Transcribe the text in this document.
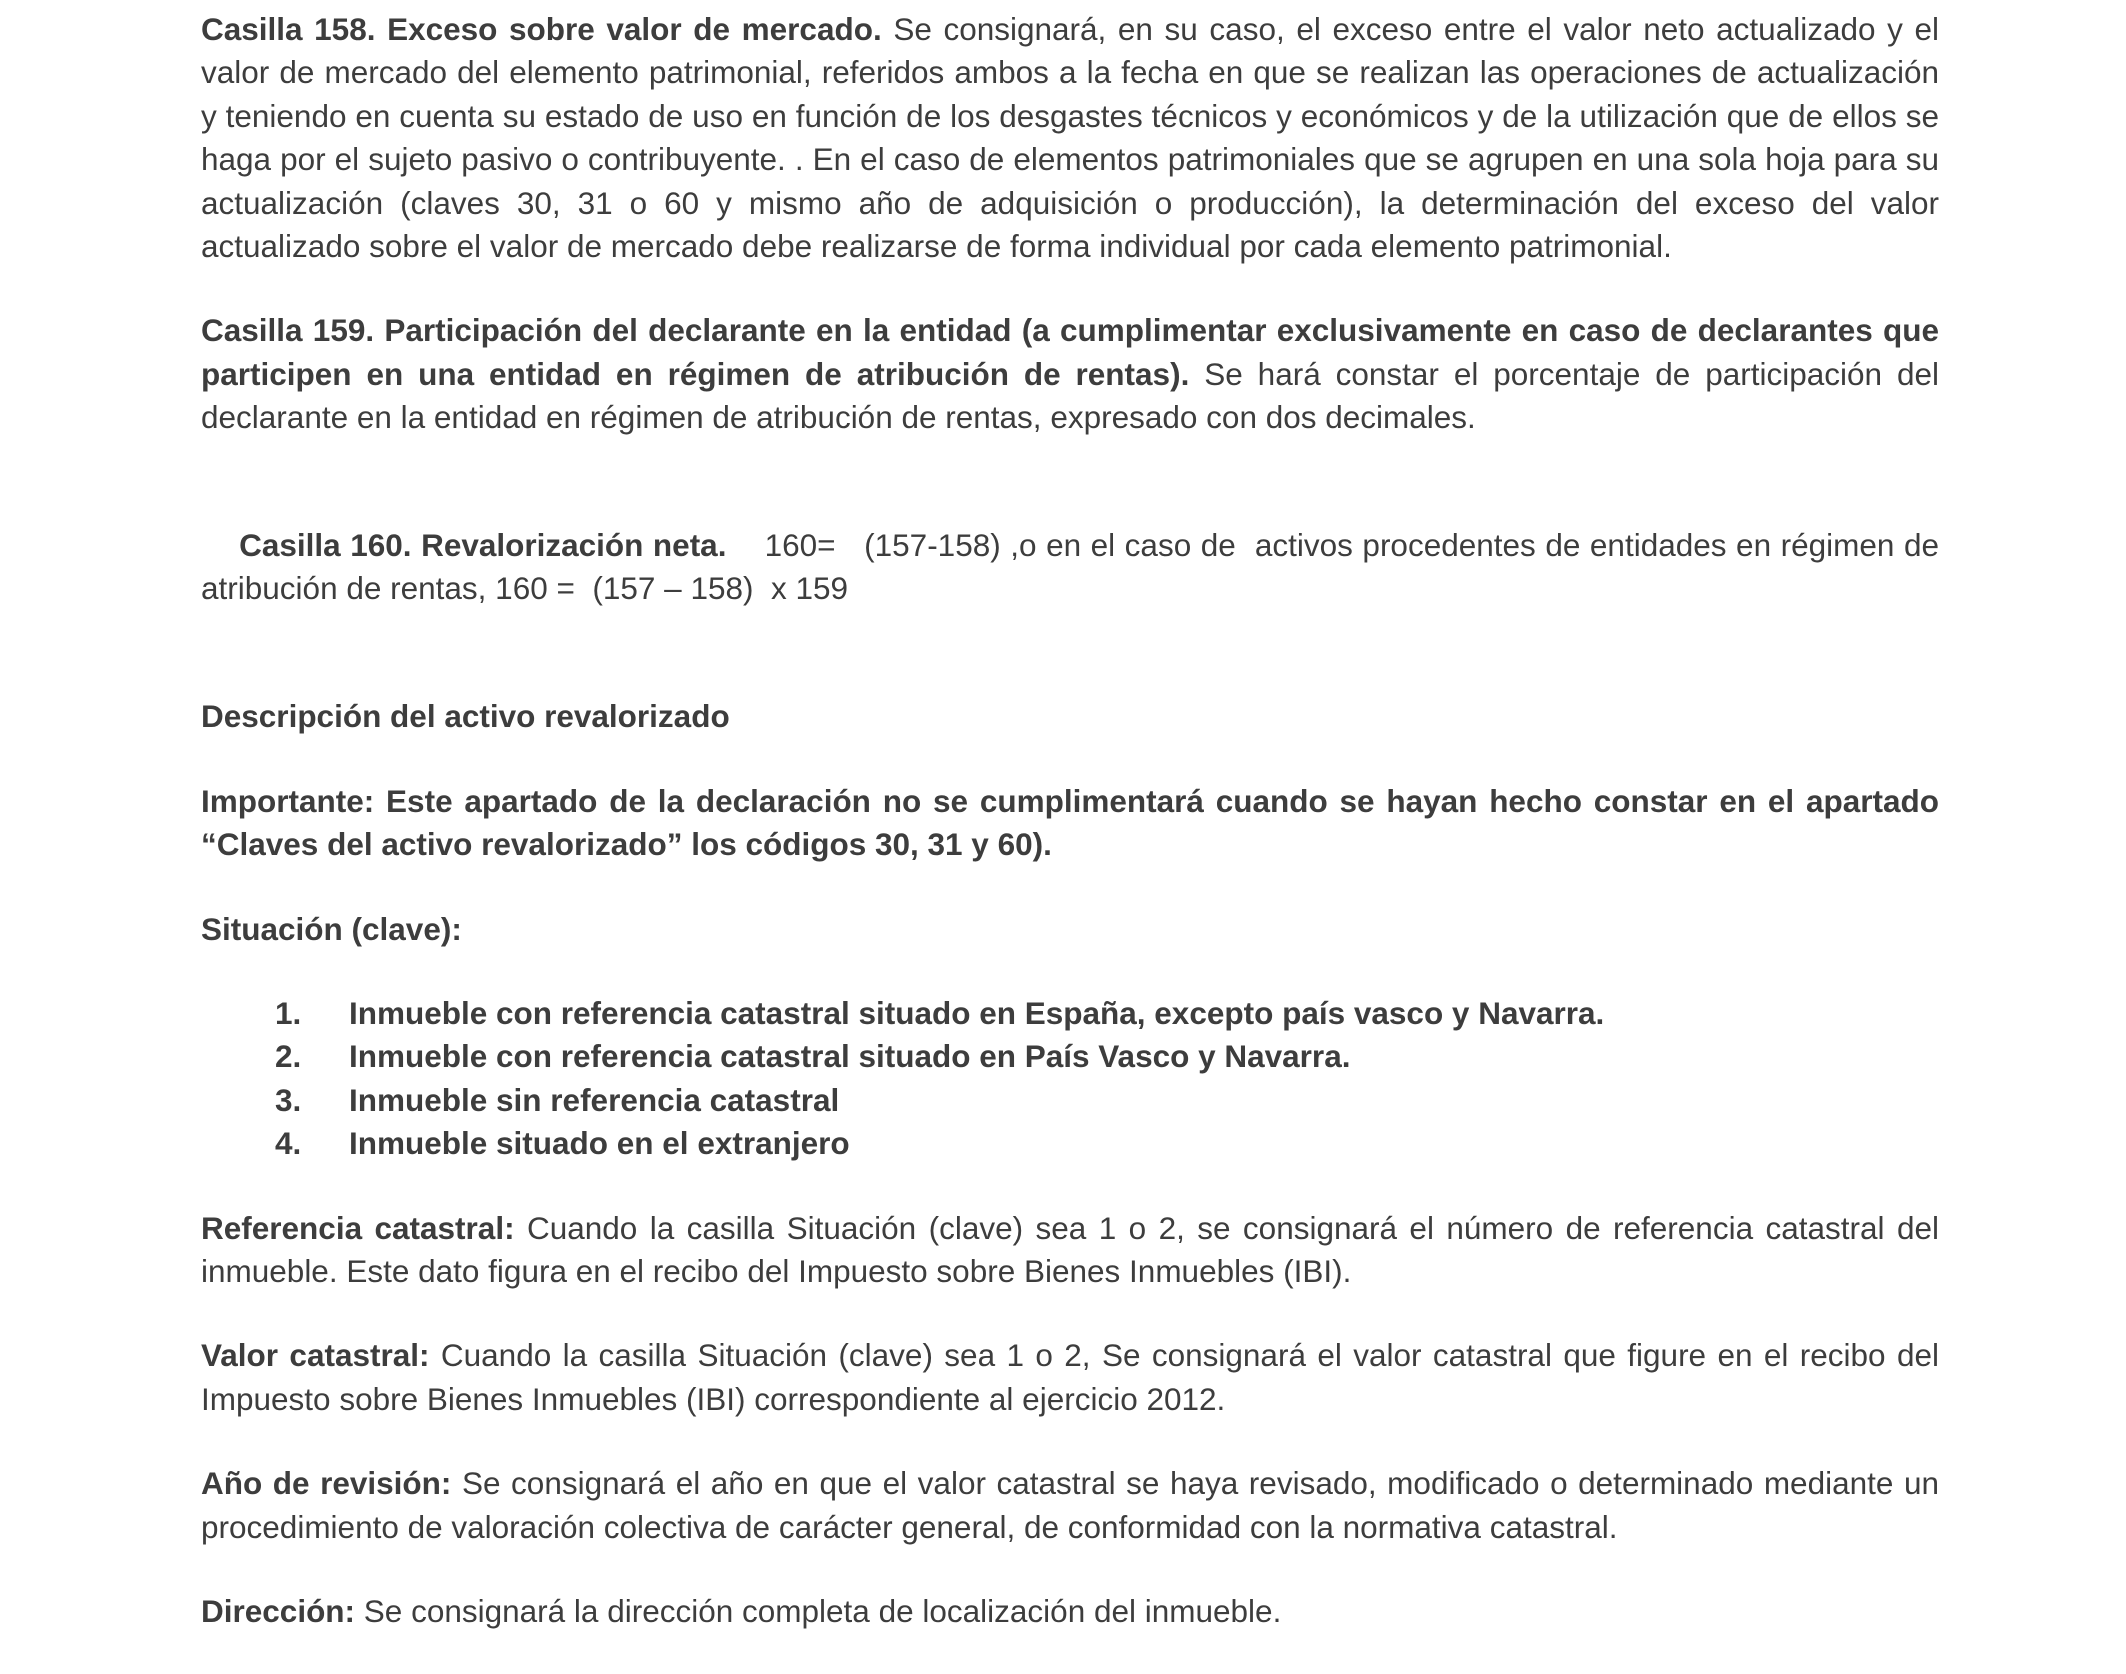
Casilla 158. Exceso sobre valor de mercado. Se consignará, en su caso, el exceso entre el valor neto actualizado y el valor de mercado del elemento patrimonial, referidos ambos a la fecha en que se realizan las operaciones de actualización y teniendo en cuenta su estado de uso en función de los desgastes técnicos y económicos y de la utilización que de ellos se haga por el sujeto pasivo o contribuyente. . En el caso de elementos patrimoniales que se agrupen en una sola hoja para su actualización (claves 30, 31 o 60 y mismo año de adquisición o producción), la determinación del exceso del valor actualizado sobre el valor de mercado debe realizarse de forma individual por cada elemento patrimonial.

Casilla 159. Participación del declarante en la entidad (a cumplimentar exclusivamente en caso de declarantes que participen en una entidad en régimen de atribución de rentas). Se hará constar el porcentaje de participación del declarante en la entidad en régimen de atribución de rentas, expresado con dos decimales.

Casilla 160. Revalorización neta.    160=   (157-158) ,o en el caso de  activos procedentes de entidades en régimen de atribución de rentas, 160 =  (157 – 158)  x 159

Descripción del activo revalorizado

Importante: Este apartado de la declaración no se cumplimentará cuando se hayan hecho constar en el apartado “Claves del activo revalorizado” los códigos 30, 31 y 60).

Situación (clave):

1. Inmueble con referencia catastral situado en España, excepto país vasco y Navarra.
2. Inmueble con referencia catastral situado en País Vasco y Navarra.
3. Inmueble sin referencia catastral
4. Inmueble situado en el extranjero

Referencia catastral: Cuando la casilla Situación (clave) sea 1 o 2, se consignará el número de referencia catastral del inmueble. Este dato figura en el recibo del Impuesto sobre Bienes Inmuebles (IBI).

Valor catastral: Cuando la casilla Situación (clave) sea 1 o 2, Se consignará el valor catastral que figure en el recibo del Impuesto sobre Bienes Inmuebles (IBI) correspondiente al ejercicio 2012.

Año de revisión: Se consignará el año en que el valor catastral se haya revisado, modificado o determinado mediante un procedimiento de valoración colectiva de carácter general, de conformidad con la normativa catastral.

Dirección: Se consignará la dirección completa de localización del inmueble.
